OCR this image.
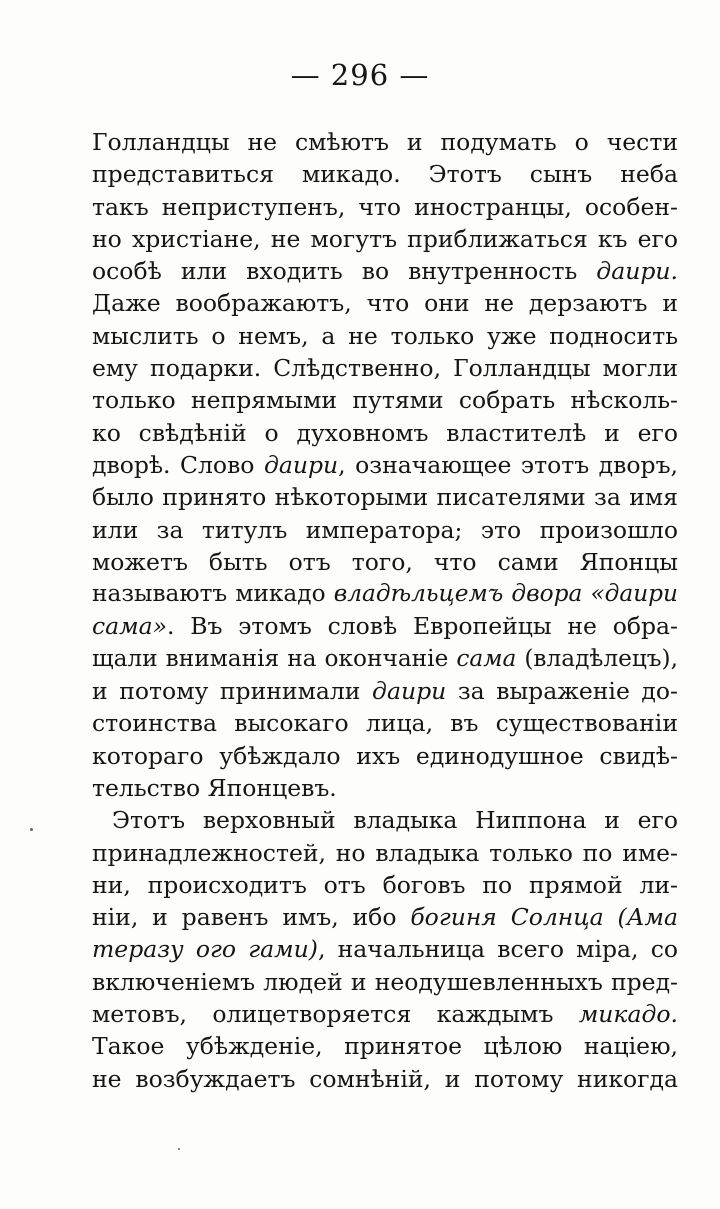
— 296 —
Голландцы не смѣютъ и подумать о чести
представиться микадо. Этотъ сынъ неба
такъ неприступенъ, что иностранцы, особен-
но христіане, не могутъ приближаться къ его
особѣ или входить во внутренность даири.
Даже воображаютъ, что они не дерзаютъ и
мыслить о немъ, а не только уже подносить
ему подарки. Слѣдственно, Голландцы могли
только непрямыми путями собрать нѣсколь-
ко свѣдѣній о духовномъ властителѣ и его
дворѣ. Слово даири, означающее этотъ дворъ,
было принято нѣкоторыми писателями за имя
или за титулъ императора; это произошло
можетъ быть отъ того, что сами Японцы
называютъ микадо владѣльцемъ двора «даири
сама». Въ этомъ словѣ Европейцы не обра-
щали вниманія на окончаніе сама (владѣлецъ),
и потому принимали даири за выраженіе до-
стоинства высокаго лица, въ существованіи
котораго убѣждало ихъ единодушное свидѣ-
тельство Японцевъ.
Этотъ верховный владыка Ниппона и его
принадлежностей, но владыка только по име-
ни, происходитъ отъ боговъ по прямой ли-
ніи, и равенъ имъ, ибо богиня Солнца (Ама
теразу ого гами), начальница всего міра, со
включеніемъ людей и неодушевленныхъ пред-
метовъ, олицетворяется каждымъ микадо.
Такое убѣжденіе, принятое цѣлою націею,
не возбуждаетъ сомнѣній, и потому никогда
